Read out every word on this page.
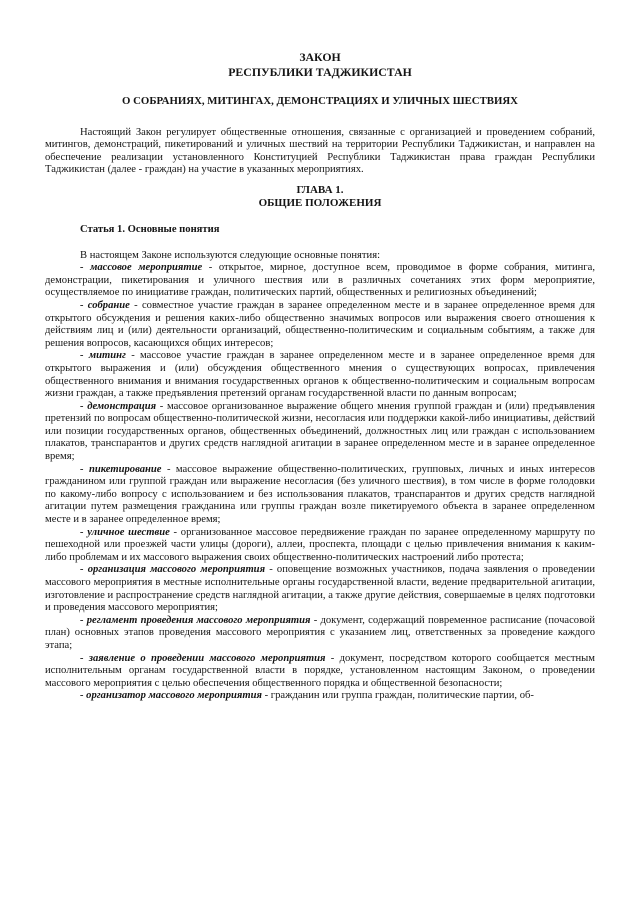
ЗАКОН
РЕСПУБЛИКИ ТАДЖИКИСТАН
О СОБРАНИЯХ, МИТИНГАХ, ДЕМОНСТРАЦИЯХ И УЛИЧНЫХ ШЕСТВИЯХ

Настоящий Закон регулирует общественные отношения, связанные с организацией и проведением собраний, митингов, демонстраций, пикетирований и уличных шествий на территории Республики Таджикистан, и направлен на обеспечение реализации установленного Конституцией Республики Таджикистан права граждан Республики Таджикистан (далее - граждан) на участие в указанных мероприятиях.

ГЛАВА 1.
ОБЩИЕ ПОЛОЖЕНИЯ

Статья 1. Основные понятия

В настоящем Законе используются следующие основные понятия:

- массовое мероприятие - открытое, мирное, доступное всем, проводимое в форме собрания, митинга, демонстрации, пикетирования и уличного шествия или в различных сочетаниях этих форм мероприятие, осуществляемое по инициативе граждан, политических партий, общественных и религиозных объединений;

- собрание - совместное участие граждан в заранее определенном месте и в заранее определенное время для открытого обсуждения и решения каких-либо общественно значимых вопросов или выражения своего отношения к действиям лиц и (или) деятельности организаций, общественно-политическим и социальным событиям, а также для решения вопросов, касающихся общих интересов;

- митинг - массовое участие граждан в заранее определенном месте и в заранее определенное время для открытого выражения и (или) обсуждения общественного мнения о существующих вопросах, привлечения общественного внимания и внимания государственных органов к общественно-политическим и социальным вопросам жизни граждан, а также предъявления претензий органам государственной власти по данным вопросам;

- демонстрация - массовое организованное выражение общего мнения группой граждан и (или) предъявления претензий по вопросам общественно-политической жизни, несогласия или поддержки какой-либо инициативы, действий или позиции государственных органов, общественных объединений, должностных лиц или граждан с использованием плакатов, транспарантов и других средств наглядной агитации в заранее определенном месте и в заранее определенное время;

- пикетирование - массовое выражение общественно-политических, групповых, личных и иных интересов гражданином или группой граждан или выражение несогласия (без уличного шествия), в том числе в форме голодовки по какому-либо вопросу с использованием и без использования плакатов, транспарантов и других средств наглядной агитации путем размещения гражданина или группы граждан возле пикетируемого объекта в заранее определенном месте и в заранее определенное время;

- уличное шествие - организованное массовое передвижение граждан по заранее определенному маршруту по пешеходной или проезжей части улицы (дороги), аллеи, проспекта, площади с целью привлечения внимания к каким-либо проблемам и их массового выражения своих общественно-политических настроений либо протеста;

- организация массового мероприятия - оповещение возможных участников, подача заявления о проведении массового мероприятия в местные исполнительные органы государственной власти, ведение предварительной агитации, изготовление и распространение средств наглядной агитации, а также другие действия, совершаемые в целях подготовки и проведения массового мероприятия;

- регламент проведения массового мероприятия - документ, содержащий повременное расписание (почасовой план) основных этапов проведения массового мероприятия с указанием лиц, ответственных за проведение каждого этапа;

- заявление о проведении массового мероприятия - документ, посредством которого сообщается местным исполнительным органам государственной власти в порядке, установленном настоящим Законом, о проведении массового мероприятия с целью обеспечения общественного порядка и общественной безопасности;

- организатор массового мероприятия - гражданин или группа граждан, политические партии, об-
